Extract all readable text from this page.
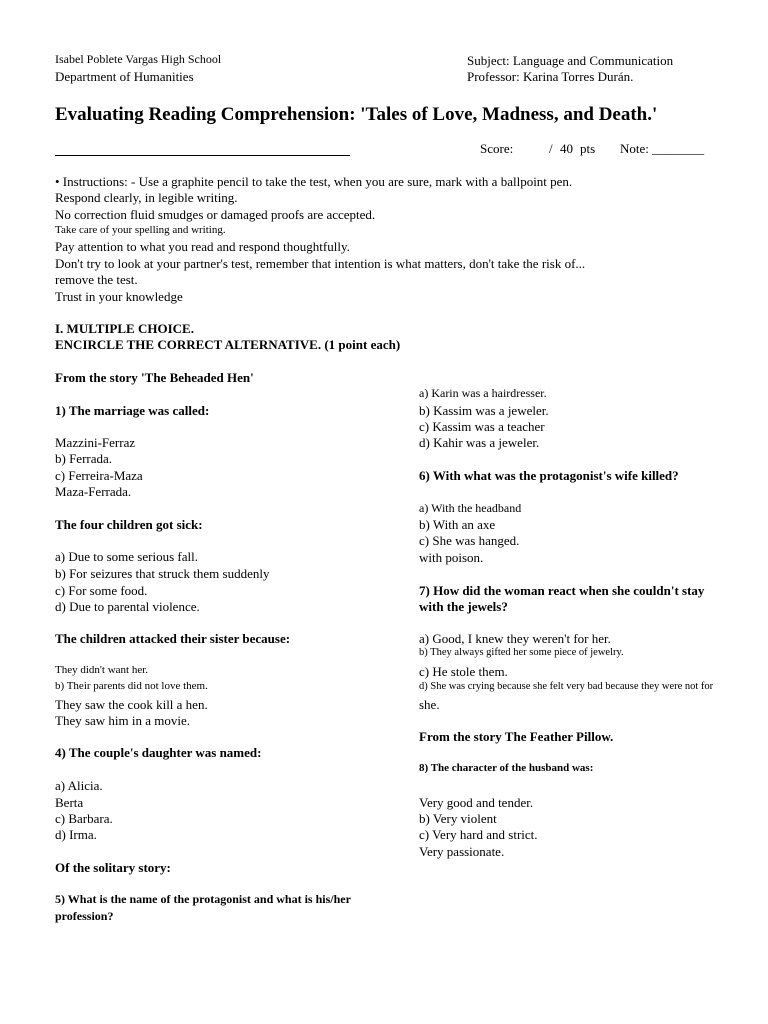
Isabel Poblete Vargas High School
Department of Humanities
Subject: Language and Communication
Professor: Karina Torres Durán.
Evaluating Reading Comprehension: 'Tales of Love, Madness, and Death.'
Score:	/ 40 pts Note: ________
• Instructions: - Use a graphite pencil to take the test, when you are sure, mark with a ballpoint pen.
Respond clearly, in legible writing.
No correction fluid smudges or damaged proofs are accepted.
Take care of your spelling and writing.
Pay attention to what you read and respond thoughtfully.
Don't try to look at your partner's test, remember that intention is what matters, don't take the risk of...
remove the test.
Trust in your knowledge
I. MULTIPLE CHOICE.
ENCIRCLE THE CORRECT ALTERNATIVE. (1 point each)
From the story 'The Beheaded Hen'
1) The marriage was called:
Mazzini-Ferraz
b) Ferrada.
c) Ferreira-Maza
Maza-Ferrada.
The four children got sick:
a) Due to some serious fall.
b) For seizures that struck them suddenly
c) For some food.
d) Due to parental violence.
The children attacked their sister because:
They didn't want her.
b) Their parents did not love them.
They saw the cook kill a hen.
They saw him in a movie.
4) The couple's daughter was named:
a) Alicia.
Berta
c) Barbara.
d) Irma.
Of the solitary story:
5) What is the name of the protagonist and what is his/her
profession?
a) Karin was a hairdresser.
b) Kassim was a jeweler.
c) Kassim was a teacher
d) Kahir was a jeweler.
6) With what was the protagonist's wife killed?
a) With the headband
b) With an axe
c) She was hanged.
with poison.
7) How did the woman react when she couldn't stay
with the jewels?
a) Good, I knew they weren't for her.
b) They always gifted her some piece of jewelry.
c) He stole them.
d) She was crying because she felt very bad because they were not for
she.
From the story The Feather Pillow.
8) The character of the husband was:
Very good and tender.
b) Very violent
c) Very hard and strict.
Very passionate.
